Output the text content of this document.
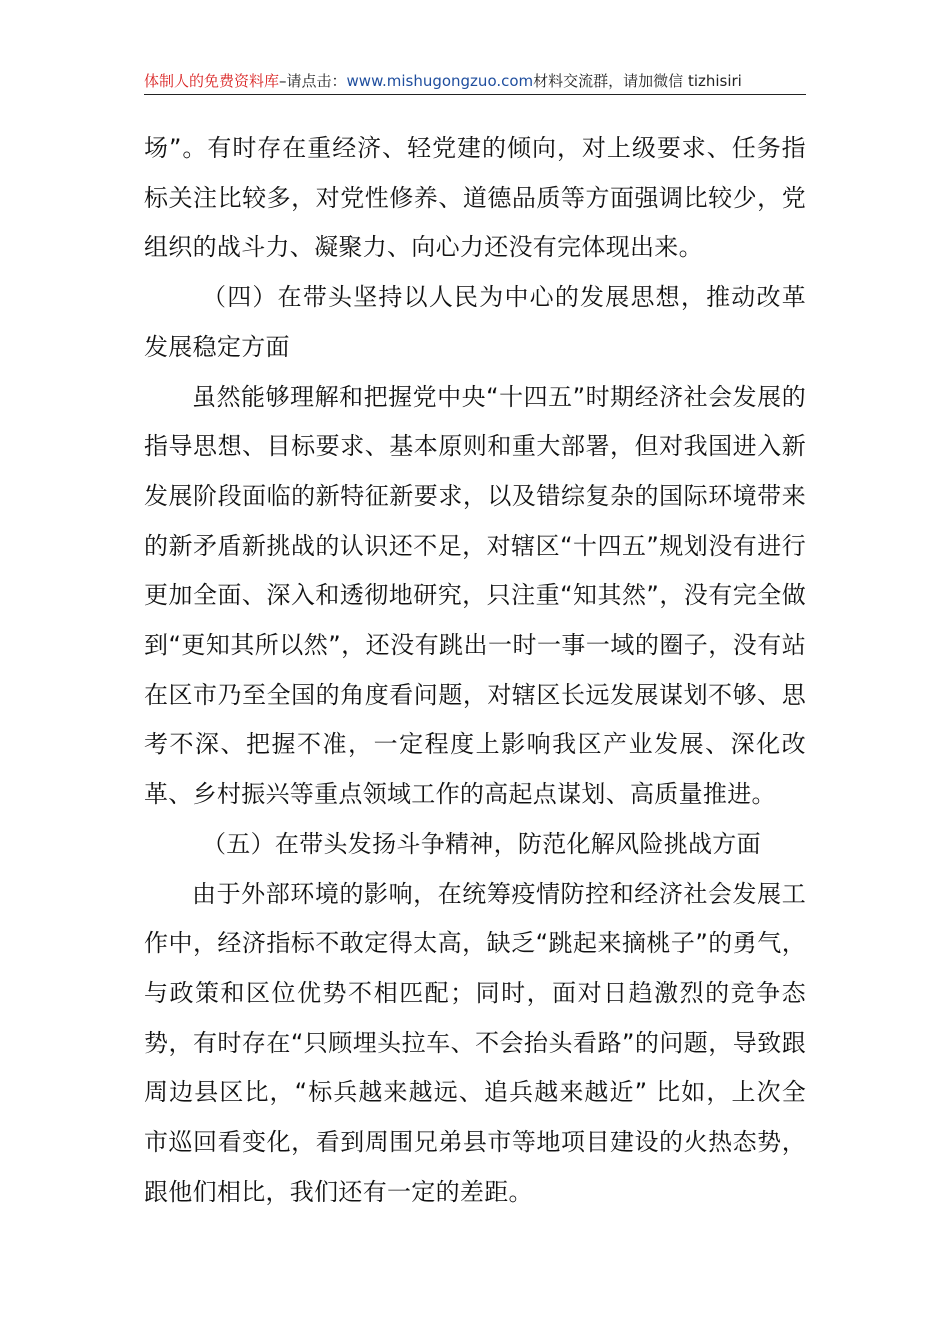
体制人的免费资料库–请点击：www.mishugongzuo.com材料交流群，请加微信 tizhisiri

场”。有时存在重经济、轻党建的倾向，对上级要求、任务指标关注比较多，对党性修养、道德品质等方面强调比较少，党组织的战斗力、凝聚力、向心力还没有完体现出来。

（四）在带头坚持以人民为中心的发展思想，推动改革发展稳定方面

虽然能够理解和把握党中央“十四五”时期经济社会发展的指导思想、目标要求、基本原则和重大部署，但对我国进入新发展阶段面临的新特征新要求，以及错综复杂的国际环境带来的新矛盾新挑战的认识还不足，对辖区“十四五”规划没有进行更加全面、深入和透彻地研究，只注重“知其然”，没有完全做到“更知其所以然”，还没有跳出一时一事一域的圈子，没有站在区市乃至全国的角度看问题，对辖区长远发展谋划不够、思考不深、把握不准，一定程度上影响我区产业发展、深化改革、乡村振兴等重点领域工作的高起点谋划、高质量推进。

（五）在带头发扬斗争精神，防范化解风险挑战方面

由于外部环境的影响，在统筹疫情防控和经济社会发展工作中，经济指标不敢定得太高，缺乏“跳起来摘桃子”的勇气，与政策和区位优势不相匹配；同时，面对日趋激烈的竞争态势，有时存在“只顾埋头拉车、不会抬头看路”的问题，导致跟周边县区比，“标兵越来越远、追兵越来越近” 比如，上次全市巡回看变化，看到周围兄弟县市等地项目建设的火热态势，跟他们相比，我们还有一定的差距。
